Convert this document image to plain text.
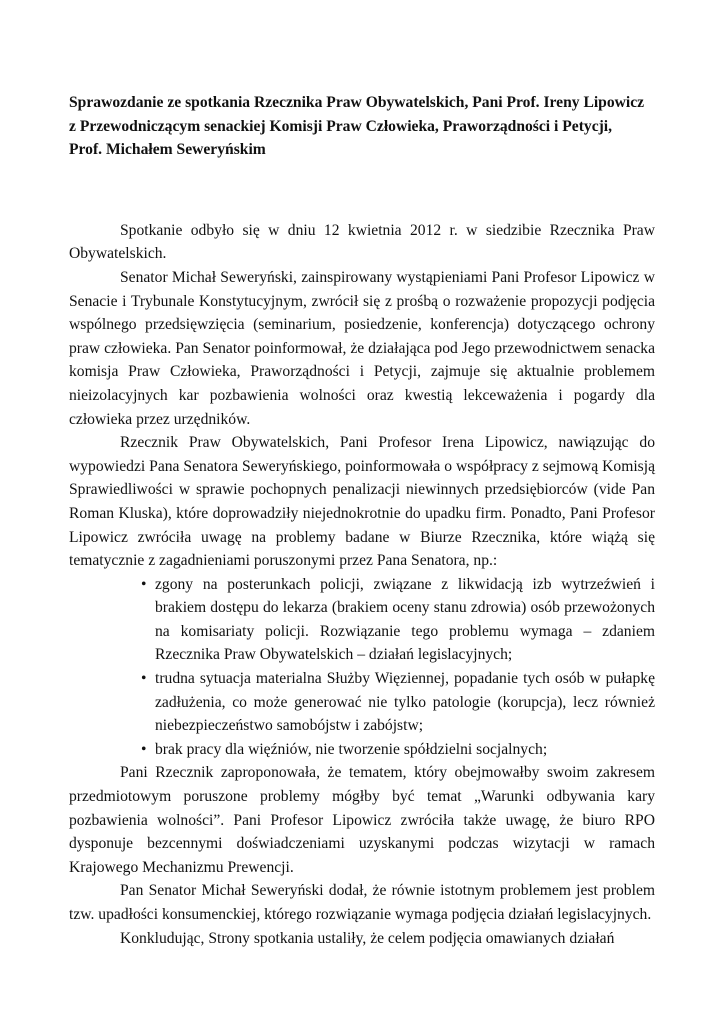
Sprawozdanie ze spotkania Rzecznika Praw Obywatelskich, Pani Prof. Ireny Lipowicz
z Przewodniczącym senackiej Komisji Praw Człowieka, Praworządności i Petycji,
Prof. Michałem Seweryńskim

Spotkanie odbyło się w dniu 12 kwietnia 2012 r. w siedzibie Rzecznika Praw Obywatelskich.

Senator Michał Seweryński, zainspirowany wystąpieniami Pani Profesor Lipowicz w Senacie i Trybunale Konstytucyjnym, zwrócił się z prośbą o rozważenie propozycji podjęcia wspólnego przedsięwzięcia (seminarium, posiedzenie, konferencja) dotyczącego ochrony praw człowieka. Pan Senator poinformował, że działająca pod Jego przewodnictwem senacka komisja Praw Człowieka, Praworządności i Petycji, zajmuje się aktualnie problemem nieizolacyjnych kar pozbawienia wolności oraz kwestią lekceważenia i pogardy dla człowieka przez urzędników.

Rzecznik Praw Obywatelskich, Pani Profesor Irena Lipowicz, nawiązując do wypowiedzi Pana Senatora Seweryńskiego, poinformowała o współpracy z sejmową Komisją Sprawiedliwości w sprawie pochopnych penalizacji niewinnych przedsiębiorców (vide Pan Roman Kluska), które doprowadziły niejednokrotnie do upadku firm. Ponadto, Pani Profesor Lipowicz zwróciła uwagę na problemy badane w Biurze Rzecznika, które wiążą się tematycznie z zagadnieniami poruszonymi przez Pana Senatora, np.:

• zgony na posterunkach policji, związane z likwidacją izb wytrzeźwień i brakiem dostępu do lekarza (brakiem oceny stanu zdrowia) osób przewożonych na komisariaty policji. Rozwiązanie tego problemu wymaga – zdaniem Rzecznika Praw Obywatelskich – działań legislacyjnych;
• trudna sytuacja materialna Służby Więziennej, popadanie tych osób w pułapkę zadłużenia, co może generować nie tylko patologie (korupcja), lecz również niebezpieczeństwo samobójstw i zabójstw;
• brak pracy dla więźniów, nie tworzenie spółdzielni socjalnych;

Pani Rzecznik zaproponowała, że tematem, który obejmowałby swoim zakresem przedmiotowym poruszone problemy mógłby być temat „Warunki odbywania kary pozbawienia wolności”. Pani Profesor Lipowicz zwróciła także uwagę, że biuro RPO dysponuje bezcennymi doświadczeniami uzyskanymi podczas wizytacji w ramach Krajowego Mechanizmu Prewencji.

Pan Senator Michał Seweryński dodał, że równie istotnym problemem jest problem tzw. upadłości konsumenckiej, którego rozwiązanie wymaga podjęcia działań legislacyjnych.

Konkludując, Strony spotkania ustaliły, że celem podjęcia omawianych działań
